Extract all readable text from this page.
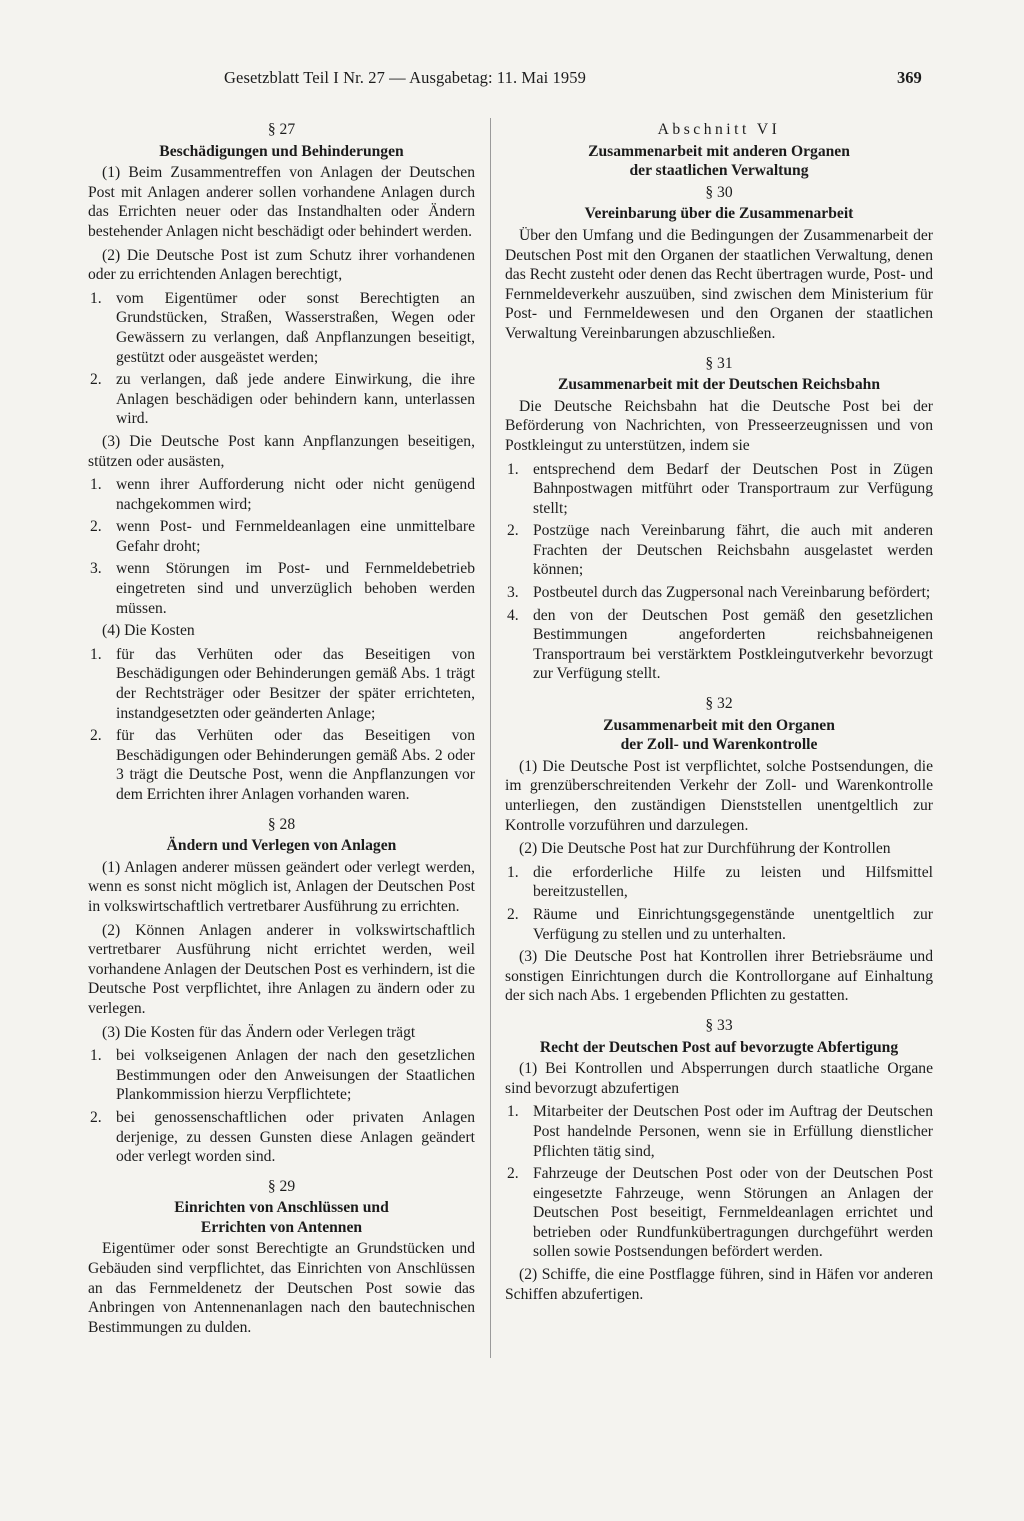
Gesetzblatt Teil I Nr. 27 — Ausgabetag: 11. Mai 1959	369
§ 27
Beschädigungen und Behinderungen

(1) Beim Zusammentreffen von Anlagen der Deutschen Post mit Anlagen anderer sollen vorhandene Anlagen durch das Errichten neuer oder das Instandhalten oder Ändern bestehender Anlagen nicht beschädigt oder behindert werden.

(2) Die Deutsche Post ist zum Schutz ihrer vorhandenen oder zu errichtenden Anlagen berechtigt,

1. vom Eigentümer oder sonst Berechtigten an Grundstücken, Straßen, Wasserstraßen, Wegen oder Gewässern zu verlangen, daß Anpflanzungen beseitigt, gestützt oder ausgeästet werden;
2. zu verlangen, daß jede andere Einwirkung, die ihre Anlagen beschädigen oder behindern kann, unterlassen wird.

(3) Die Deutsche Post kann Anpflanzungen beseitigen, stützen oder ausästen,

1. wenn ihrer Aufforderung nicht oder nicht genügend nachgekommen wird;
2. wenn Post- und Fernmeldeanlagen eine unmittelbare Gefahr droht;
3. wenn Störungen im Post- und Fernmeldebetrieb eingetreten sind und unverzüglich behoben werden müssen.

(4) Die Kosten

1. für das Verhüten oder das Beseitigen von Beschädigungen oder Behinderungen gemäß Abs. 1 trägt der Rechtsträger oder Besitzer der später errichteten, instandgesetzten oder geänderten Anlage;
2. für das Verhüten oder das Beseitigen von Beschädigungen oder Behinderungen gemäß Abs. 2 oder 3 trägt die Deutsche Post, wenn die Anpflanzungen vor dem Errichten ihrer Anlagen vorhanden waren.
§ 28
Ändern und Verlegen von Anlagen

(1) Anlagen anderer müssen geändert oder verlegt werden, wenn es sonst nicht möglich ist, Anlagen der Deutschen Post in volkswirtschaftlich vertretbarer Ausführung zu errichten.

(2) Können Anlagen anderer in volkswirtschaftlich vertretbarer Ausführung nicht errichtet werden, weil vorhandene Anlagen der Deutschen Post es verhindern, ist die Deutsche Post verpflichtet, ihre Anlagen zu ändern oder zu verlegen.

(3) Die Kosten für das Ändern oder Verlegen trägt

1. bei volkseigenen Anlagen der nach den gesetzlichen Bestimmungen oder den Anweisungen der Staatlichen Plankommission hierzu Verpflichtete;
2. bei genossenschaftlichen oder privaten Anlagen derjenige, zu dessen Gunsten diese Anlagen geändert oder verlegt worden sind.
§ 29
Einrichten von Anschlüssen und
Errichten von Antennen

Eigentümer oder sonst Berechtigte an Grundstücken und Gebäuden sind verpflichtet, das Einrichten von Anschlüssen an das Fernmeldenetz der Deutschen Post sowie das Anbringen von Antennenanlagen nach den bautechnischen Bestimmungen zu dulden.

Abschnitt VI
Zusammenarbeit mit anderen Organen
der staatlichen Verwaltung
§ 30
Vereinbarung über die Zusammenarbeit

Über den Umfang und die Bedingungen der Zusammenarbeit der Deutschen Post mit den Organen der staatlichen Verwaltung, denen das Recht zusteht oder denen das Recht übertragen wurde, Post- und Fernmeldeverkehr auszuüben, sind zwischen dem Ministerium für Post- und Fernmeldewesen und den Organen der staatlichen Verwaltung Vereinbarungen abzuschließen.

§ 31
Zusammenarbeit mit der Deutschen Reichsbahn

Die Deutsche Reichsbahn hat die Deutsche Post bei der Beförderung von Nachrichten, von Presseerzeugnissen und von Postkleingut zu unterstützen, indem sie

1. entsprechend dem Bedarf der Deutschen Post in Zügen Bahnpostwagen mitführt oder Transportraum zur Verfügung stellt;
2. Postzüge nach Vereinbarung fährt, die auch mit anderen Frachten der Deutschen Reichsbahn ausgelastet werden können;
3. Postbeutel durch das Zugpersonal nach Vereinbarung befördert;
4. den von der Deutschen Post gemäß den gesetzlichen Bestimmungen angeforderten reichsbahneigenen Transportraum bei verstärktem Postkleingutverkehr bevorzugt zur Verfügung stellt.
§ 32
Zusammenarbeit mit den Organen
der Zoll- und Warenkontrolle

(1) Die Deutsche Post ist verpflichtet, solche Postsendungen, die im grenzüberschreitenden Verkehr der Zoll- und Warenkontrolle unterliegen, den zuständigen Dienststellen unentgeltlich zur Kontrolle vorzuführen und darzulegen.

(2) Die Deutsche Post hat zur Durchführung der Kontrollen

1. die erforderliche Hilfe zu leisten und Hilfsmittel bereitzustellen,
2. Räume und Einrichtungsgegenstände unentgeltlich zur Verfügung zu stellen und zu unterhalten.

(3) Die Deutsche Post hat Kontrollen ihrer Betriebsräume und sonstigen Einrichtungen durch die Kontrollorgane auf Einhaltung der sich nach Abs. 1 ergebenden Pflichten zu gestatten.

§ 33
Recht der Deutschen Post auf bevorzugte Abfertigung

(1) Bei Kontrollen und Absperrungen durch staatliche Organe sind bevorzugt abzufertigen

1. Mitarbeiter der Deutschen Post oder im Auftrag der Deutschen Post handelnde Personen, wenn sie in Erfüllung dienstlicher Pflichten tätig sind,
2. Fahrzeuge der Deutschen Post oder von der Deutschen Post eingesetzte Fahrzeuge, wenn Störungen an Anlagen der Deutschen Post beseitigt, Fernmeldeanlagen errichtet und betrieben oder Rundfunkübertragungen durchgeführt werden sollen sowie Postsendungen befördert werden.

(2) Schiffe, die eine Postflagge führen, sind in Häfen vor anderen Schiffen abzufertigen.
